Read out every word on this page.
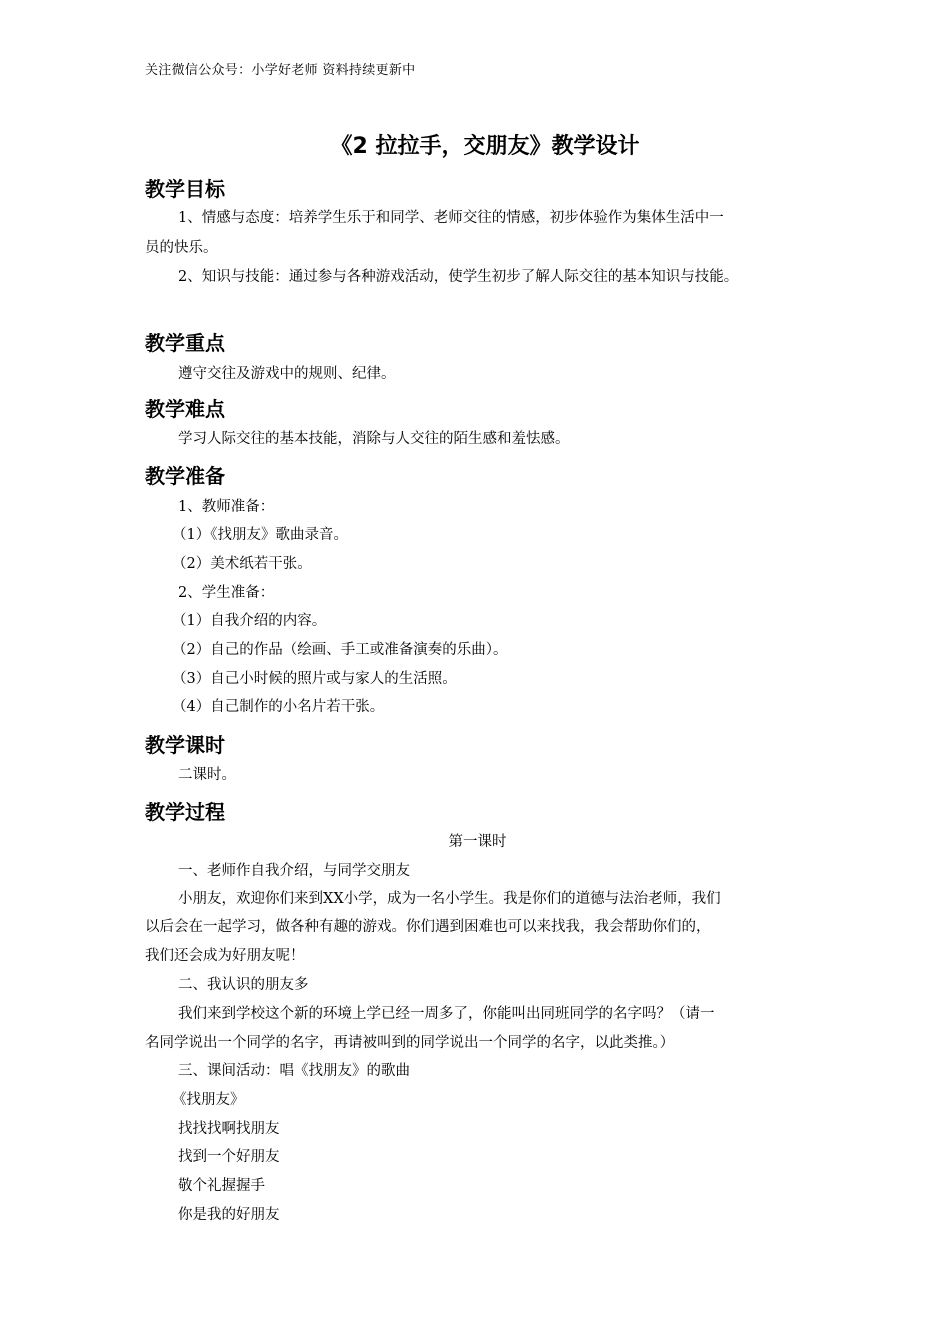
关注微信公众号：小学好老师 资料持续更新中
《2 拉拉手，交朋友》教学设计
教学目标
1、情感与态度：培养学生乐于和同学、老师交往的情感，初步体验作为集体生活中一
员的快乐。
2、知识与技能：通过参与各种游戏活动，使学生初步了解人际交往的基本知识与技能。
教学重点
遵守交往及游戏中的规则、纪律。
教学难点
学习人际交往的基本技能，消除与人交往的陌生感和羞怯感。
教学准备
1、教师准备：
（1）《找朋友》歌曲录音。
（2）美术纸若干张。
2、学生准备：
（1）自我介绍的内容。
（2）自己的作品（绘画、手工或准备演奏的乐曲）。
（3）自己小时候的照片或与家人的生活照。
（4）自己制作的小名片若干张。
教学课时
二课时。
教学过程
第一课时
一、老师作自我介绍，与同学交朋友
小朋友，欢迎你们来到XX小学，成为一名小学生。我是你们的道德与法治老师，我们
以后会在一起学习，做各种有趣的游戏。你们遇到困难也可以来找我，我会帮助你们的，
我们还会成为好朋友呢！
二、我认识的朋友多
我们来到学校这个新的环境上学已经一周多了，你能叫出同班同学的名字吗？（请一
名同学说出一个同学的名字，再请被叫到的同学说出一个同学的名字，以此类推。）
三、课间活动：唱《找朋友》的歌曲
《找朋友》
找找找啊找朋友
找到一个好朋友
敬个礼握握手
你是我的好朋友
